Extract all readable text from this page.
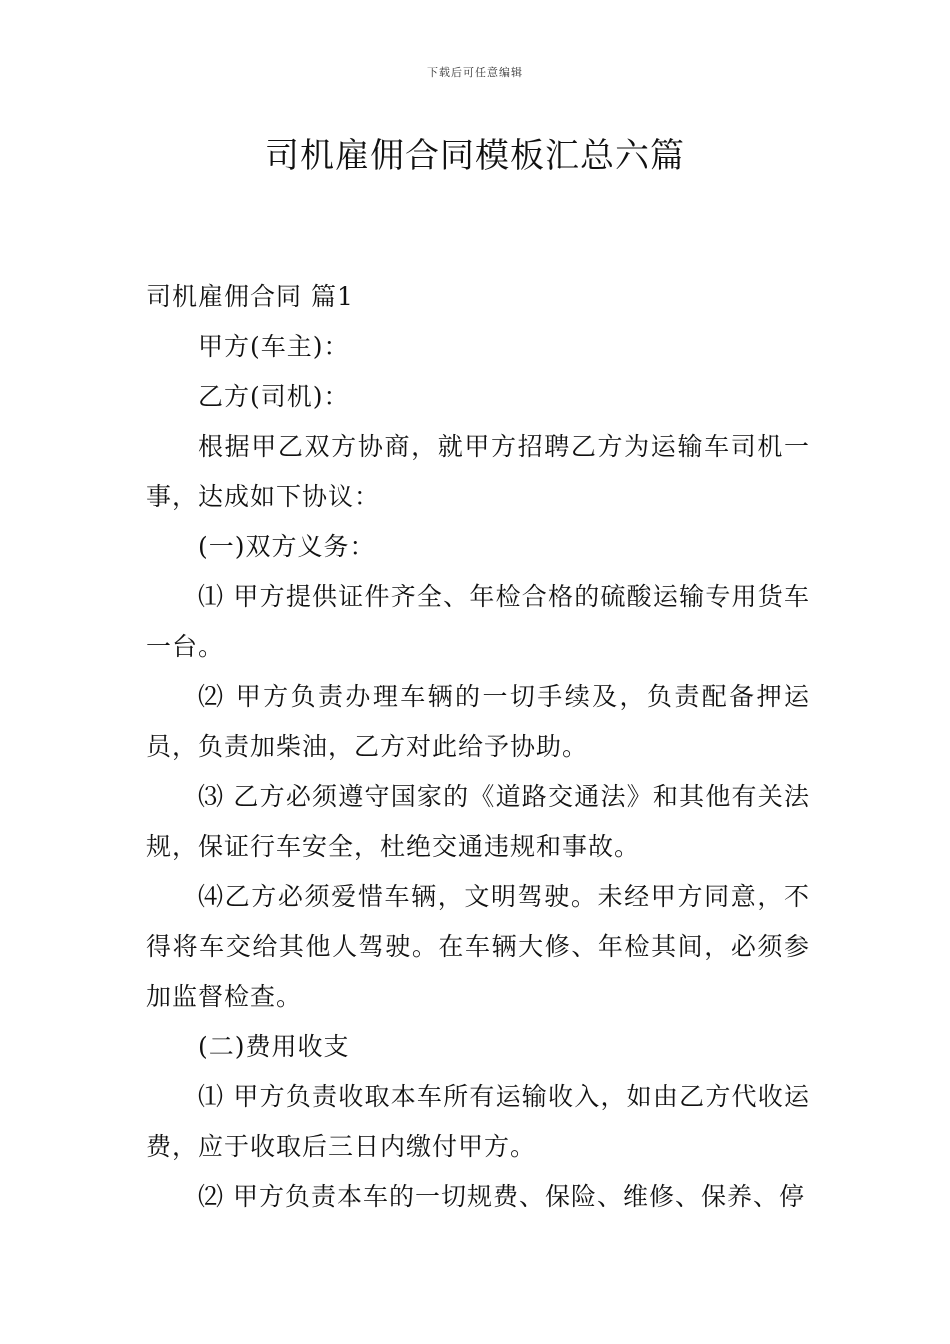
下载后可任意编辑
司机雇佣合同模板汇总六篇

司机雇佣合同 篇1

甲方(车主)：

乙方(司机)：

根据甲乙双方协商，就甲方招聘乙方为运输车司机一事，达成如下协议：

(一)双方义务：

⑴ 甲方提供证件齐全、年检合格的硫酸运输专用货车一台。

⑵ 甲方负责办理车辆的一切手续及，负责配备押运员，负责加柴油，乙方对此给予协助。

⑶ 乙方必须遵守国家的《道路交通法》和其他有关法规，保证行车安全，杜绝交通违规和事故。

⑷乙方必须爱惜车辆，文明驾驶。未经甲方同意，不得将车交给其他人驾驶。在车辆大修、年检其间，必须参加监督检查。

(二)费用收支

⑴ 甲方负责收取本车所有运输收入，如由乙方代收运费，应于收取后三日内缴付甲方。

⑵ 甲方负责本车的一切规费、保险、维修、保养、停
